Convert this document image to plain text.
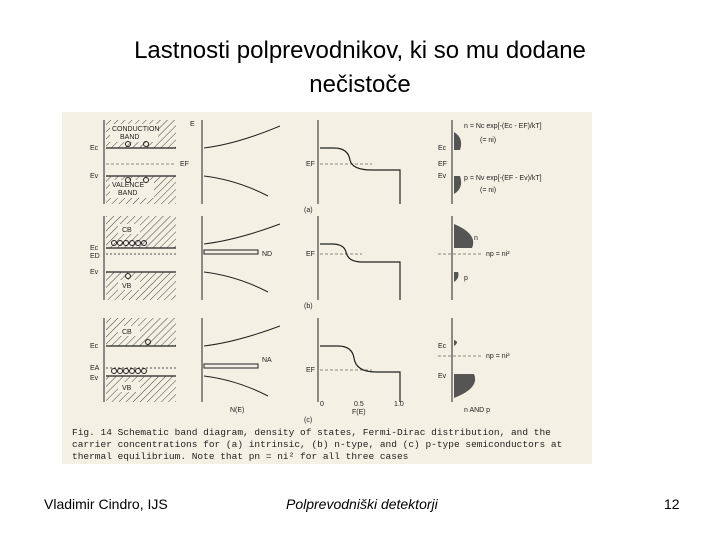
Lastnosti polprevodnikov, ki so mu dodane
nečistoče
CONDUCTION
BAND
VALENCE
BAND
Ec
Ev
EF
E
EF
n = Nc exp[-(Ec - EF)/kT]
(= ni)
p = Nv exp[-(EF - Ev)/kT]
(= ni)
Ec
EF
Ev
(a)
CB
VB
Ec
ED
Ev
ND	EF	np = ni²
n
p
(b)
CB
VB
Ec
EA
Ev
NA
EF
np = ni²
Ec
Ev
N(E)
0	0.5	1.0
F(E)	n AND p
(c)
Fig. 14 Schematic band diagram, density of states, Fermi-Dirac distribution, and the
carrier concentrations for (a) intrinsic, (b) n-type, and (c) p-type semiconductors at
thermal equilibrium. Note that pn = ni² for all three cases
Vladimir Cindro, IJS	Polprevodniški detektorji	12
